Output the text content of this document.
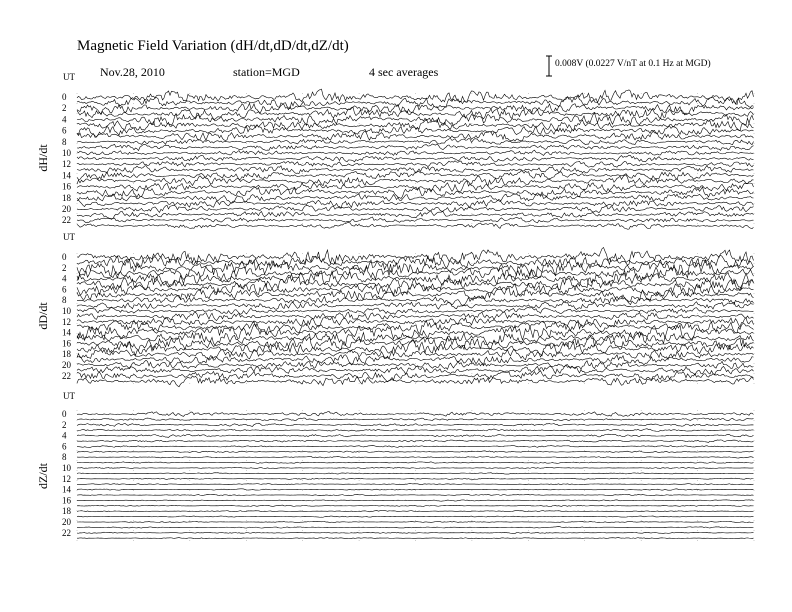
Magnetic Field Variation (dH/dt,dD/dt,dZ/dt)
Nov.28, 2010	station=MGD	4 sec averages
0.008V (0.0227 V/nT at 0.1 Hz at MGD)
UT
dH/dt
0
2
4
6
8
10
12
14
16
18
20
22
UT
dD/dt
0
2
4
6
8
10
12
14
16
18
20
22
UT
dZ/dt
0
2
4
6
8
10
12
14
16
18
20
22
